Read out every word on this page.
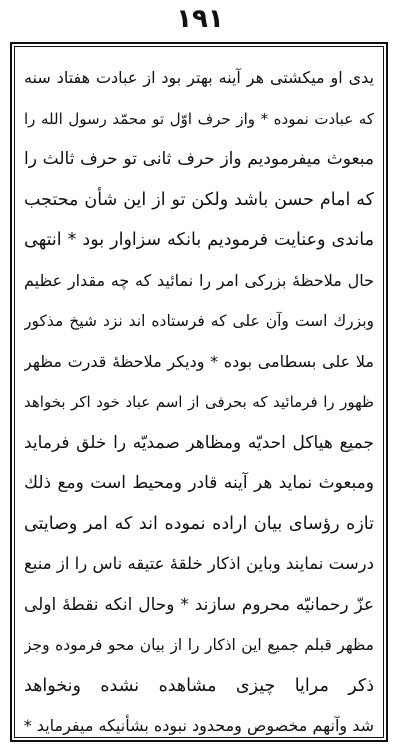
١٩١
يدی او میکشتی هر آینه بهتر بود از عبادت هفتاد سنه
که عبادت نموده * واز حرف اوّل تو محمّد رسول الله را
مبعوث میفرمودیم واز حرف ثانی تو حرف ثالث را
که امام حسن باشد ولکن تو از این شأن محتجب
ماندی وعنایت فرمودیم بانکه سزاوار بود * انتهی
حال ملاحظهٔ بزرکی امر را نمائید که چه مقدار عظیم
وبزرك است وآن علی که فرستاده اند نزد شیخ مذکور
ملا علی بسطامی بوده * ودیکر ملاحظهٔ قدرت مظهر
ظهور را فرمائید که بحرفی از اسم عباد خود اکر بخواهد
جمیع هیاکل احدیّه ومظاهر صمدیّه را خلق فرماید
ومبعوث نماید هر آینه قادر ومحیط است ومع ذلك
تازه رؤسای بیان اراده نموده اند که امر وصایتی
درست نمایند وباین اذکار خلقهٔ عتیقه ناس را از منبع
عزّ رحمانیّه محروم سازند * وحال انکه نقطهٔ اولی
مظهر قبلم جمیع این اذکار را از بیان محو فرموده وجز
ذکر مرایا چیزی مشاهده نشده ونخواهد
شد وآنهم مخصوص ومحدود نبوده بشأنیکه میفرماید *
